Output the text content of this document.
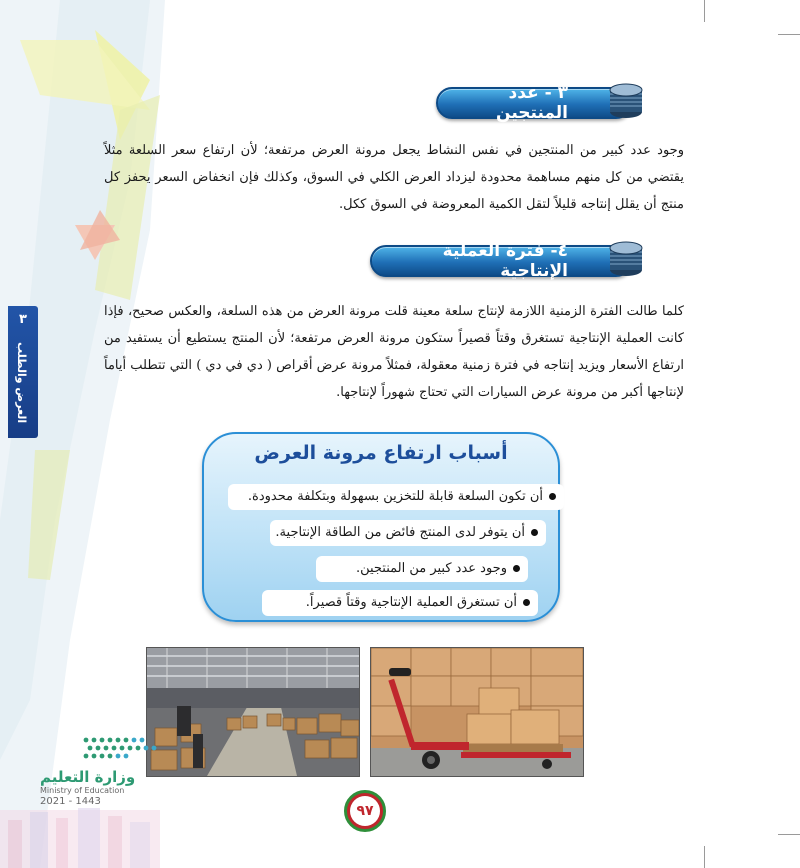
٣ - عدد المنتجين
وجود عدد كبير من المنتجين في نفس النشاط يجعل مرونة العرض مرتفعة؛ لأن ارتفاع سعر السلعة مثلاً يقتضي من كل منهم مساهمة محدودة ليزداد العرض الكلي في السوق، وكذلك فإن انخفاض السعر يحفز كل منتج أن يقلل إنتاجه قليلاً لتقل الكمية المعروضة في السوق ككل.
٤- فترة العملية الإنتاجية
كلما طالت الفترة الزمنية اللازمة لإنتاج سلعة معينة قلت مرونة العرض من هذه السلعة، والعكس صحيح، فإذا كانت العملية الإنتاجية تستغرق وقتاً قصيراً ستكون مرونة العرض مرتفعة؛ لأن المنتج يستطيع أن يستفيد من ارتفاع الأسعار ويزيد إنتاجه في فترة زمنية معقولة، فمثلاً مرونة عرض أقراص ( دي في دي ) التي تتطلب أياماً لإنتاجها أكبر من مرونة عرض السيارات التي تحتاج شهوراً لإنتاجها.
٣
العرض والطلب
أسباب ارتفاع مرونة العرض
أن تكون السلعة قابلة للتخزين بسهولة وبتكلفة محدودة.
أن يتوفر لدى المنتج فائض من الطاقة الإنتاجية.
وجود عدد كبير من المنتجين.
أن تستغرق العملية الإنتاجية وقتاً قصيراً.
٩٧
وزارة التعليم
Ministry of Education
2021 - 1443
